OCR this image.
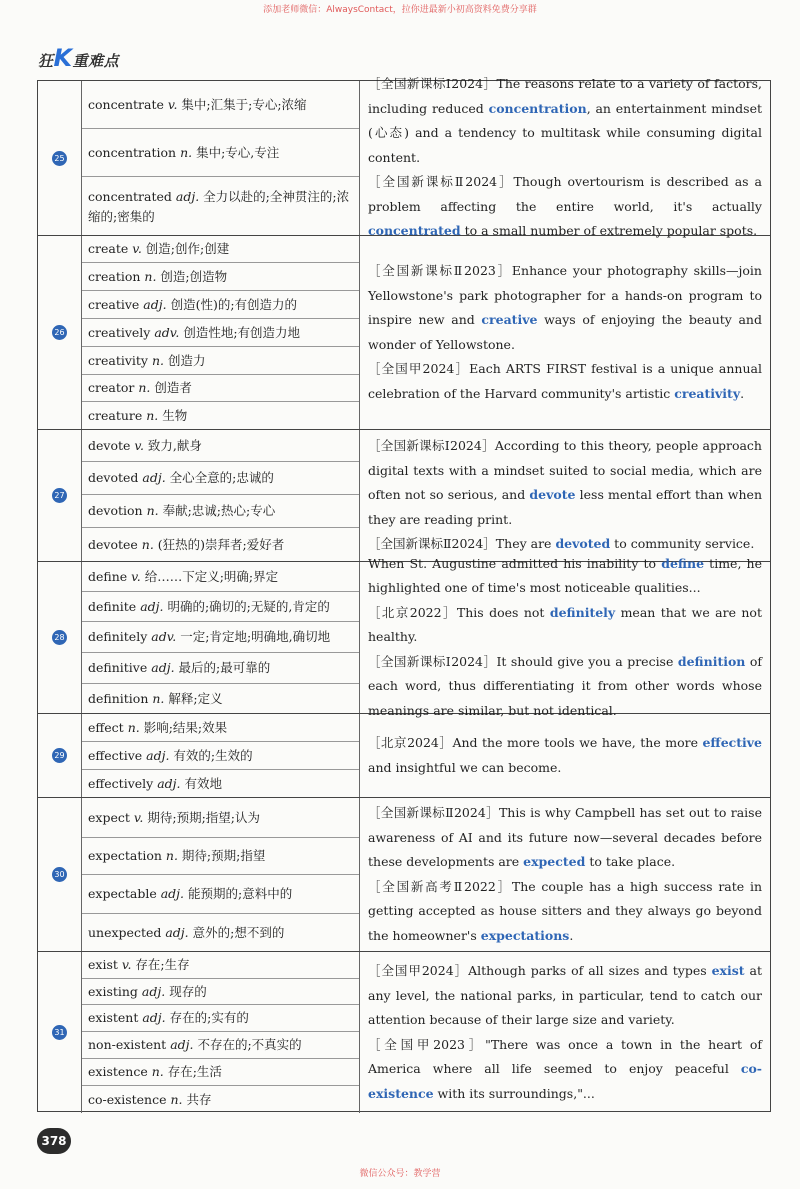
添加老师微信：AlwaysContact，拉你进最新小初高资料免费分享群
狂K重难点
25
concentrate v. 集中;汇集于;专心;浓缩
concentration n. 集中;专心,专注
concentrated adj. 全力以赴的;全神贯注的;浓缩的;密集的
［全国新课标Ⅰ2024］The reasons relate to a variety of factors, including reduced concentration, an entertainment mindset (心态) and a tendency to multitask while consuming digital content.
［全国新课标Ⅱ2024］Though overtourism is described as a problem affecting the entire world, it's actually concentrated to a small number of extremely popular spots.
26
create v. 创造;创作;创建
creation n. 创造;创造物
creative adj. 创造(性)的;有创造力的
creatively adv. 创造性地;有创造力地
creativity n. 创造力
creator n. 创造者
creature n. 生物
［全国新课标Ⅱ2023］Enhance your photography skills—join Yellowstone's park photographer for a hands-on program to inspire new and creative ways of enjoying the beauty and wonder of Yellowstone.
［全国甲2024］Each ARTS FIRST festival is a unique annual celebration of the Harvard community's artistic creativity.
27
devote v. 致力,献身
devoted adj. 全心全意的;忠诚的
devotion n. 奉献;忠诚;热心;专心
devotee n. (狂热的)崇拜者;爱好者
［全国新课标Ⅰ2024］According to this theory, people approach digital texts with a mindset suited to social media, which are often not so serious, and devote less mental effort than when they are reading print.
［全国新课标Ⅱ2024］They are devoted to community service.
28
define v. 给……下定义;明确;界定
definite adj. 明确的;确切的;无疑的,肯定的
definitely adv. 一定;肯定地;明确地,确切地
definitive adj. 最后的;最可靠的
definition n. 解释;定义
When St. Augustine admitted his inability to define time, he highlighted one of time's most noticeable qualities...
［北京2022］This does not definitely mean that we are not healthy.
［全国新课标Ⅰ2024］It should give you a precise definition of each word, thus differentiating it from other words whose meanings are similar, but not identical.
29
effect n. 影响;结果;效果
effective adj. 有效的;生效的
effectively adj. 有效地
［北京2024］And the more tools we have, the more effective and insightful we can become.
30
expect v. 期待;预期;指望;认为
expectation n. 期待;预期;指望
expectable adj. 能预期的;意料中的
unexpected adj. 意外的;想不到的
［全国新课标Ⅱ2024］This is why Campbell has set out to raise awareness of AI and its future now—several decades before these developments are expected to take place.
［全国新高考Ⅱ2022］The couple has a high success rate in getting accepted as house sitters and they always go beyond the homeowner's expectations.
31
exist v. 存在;生存
existing adj. 现存的
existent adj. 存在的;实有的
non-existent adj. 不存在的;不真实的
existence n. 存在;生活
co-existence n. 共存
［全国甲2024］Although parks of all sizes and types exist at any level, the national parks, in particular, tend to catch our attention because of their large size and variety.
［全国甲2023］"There was once a town in the heart of America where all life seemed to enjoy peaceful co-existence with its surroundings,"...
378
微信公众号：教学营
